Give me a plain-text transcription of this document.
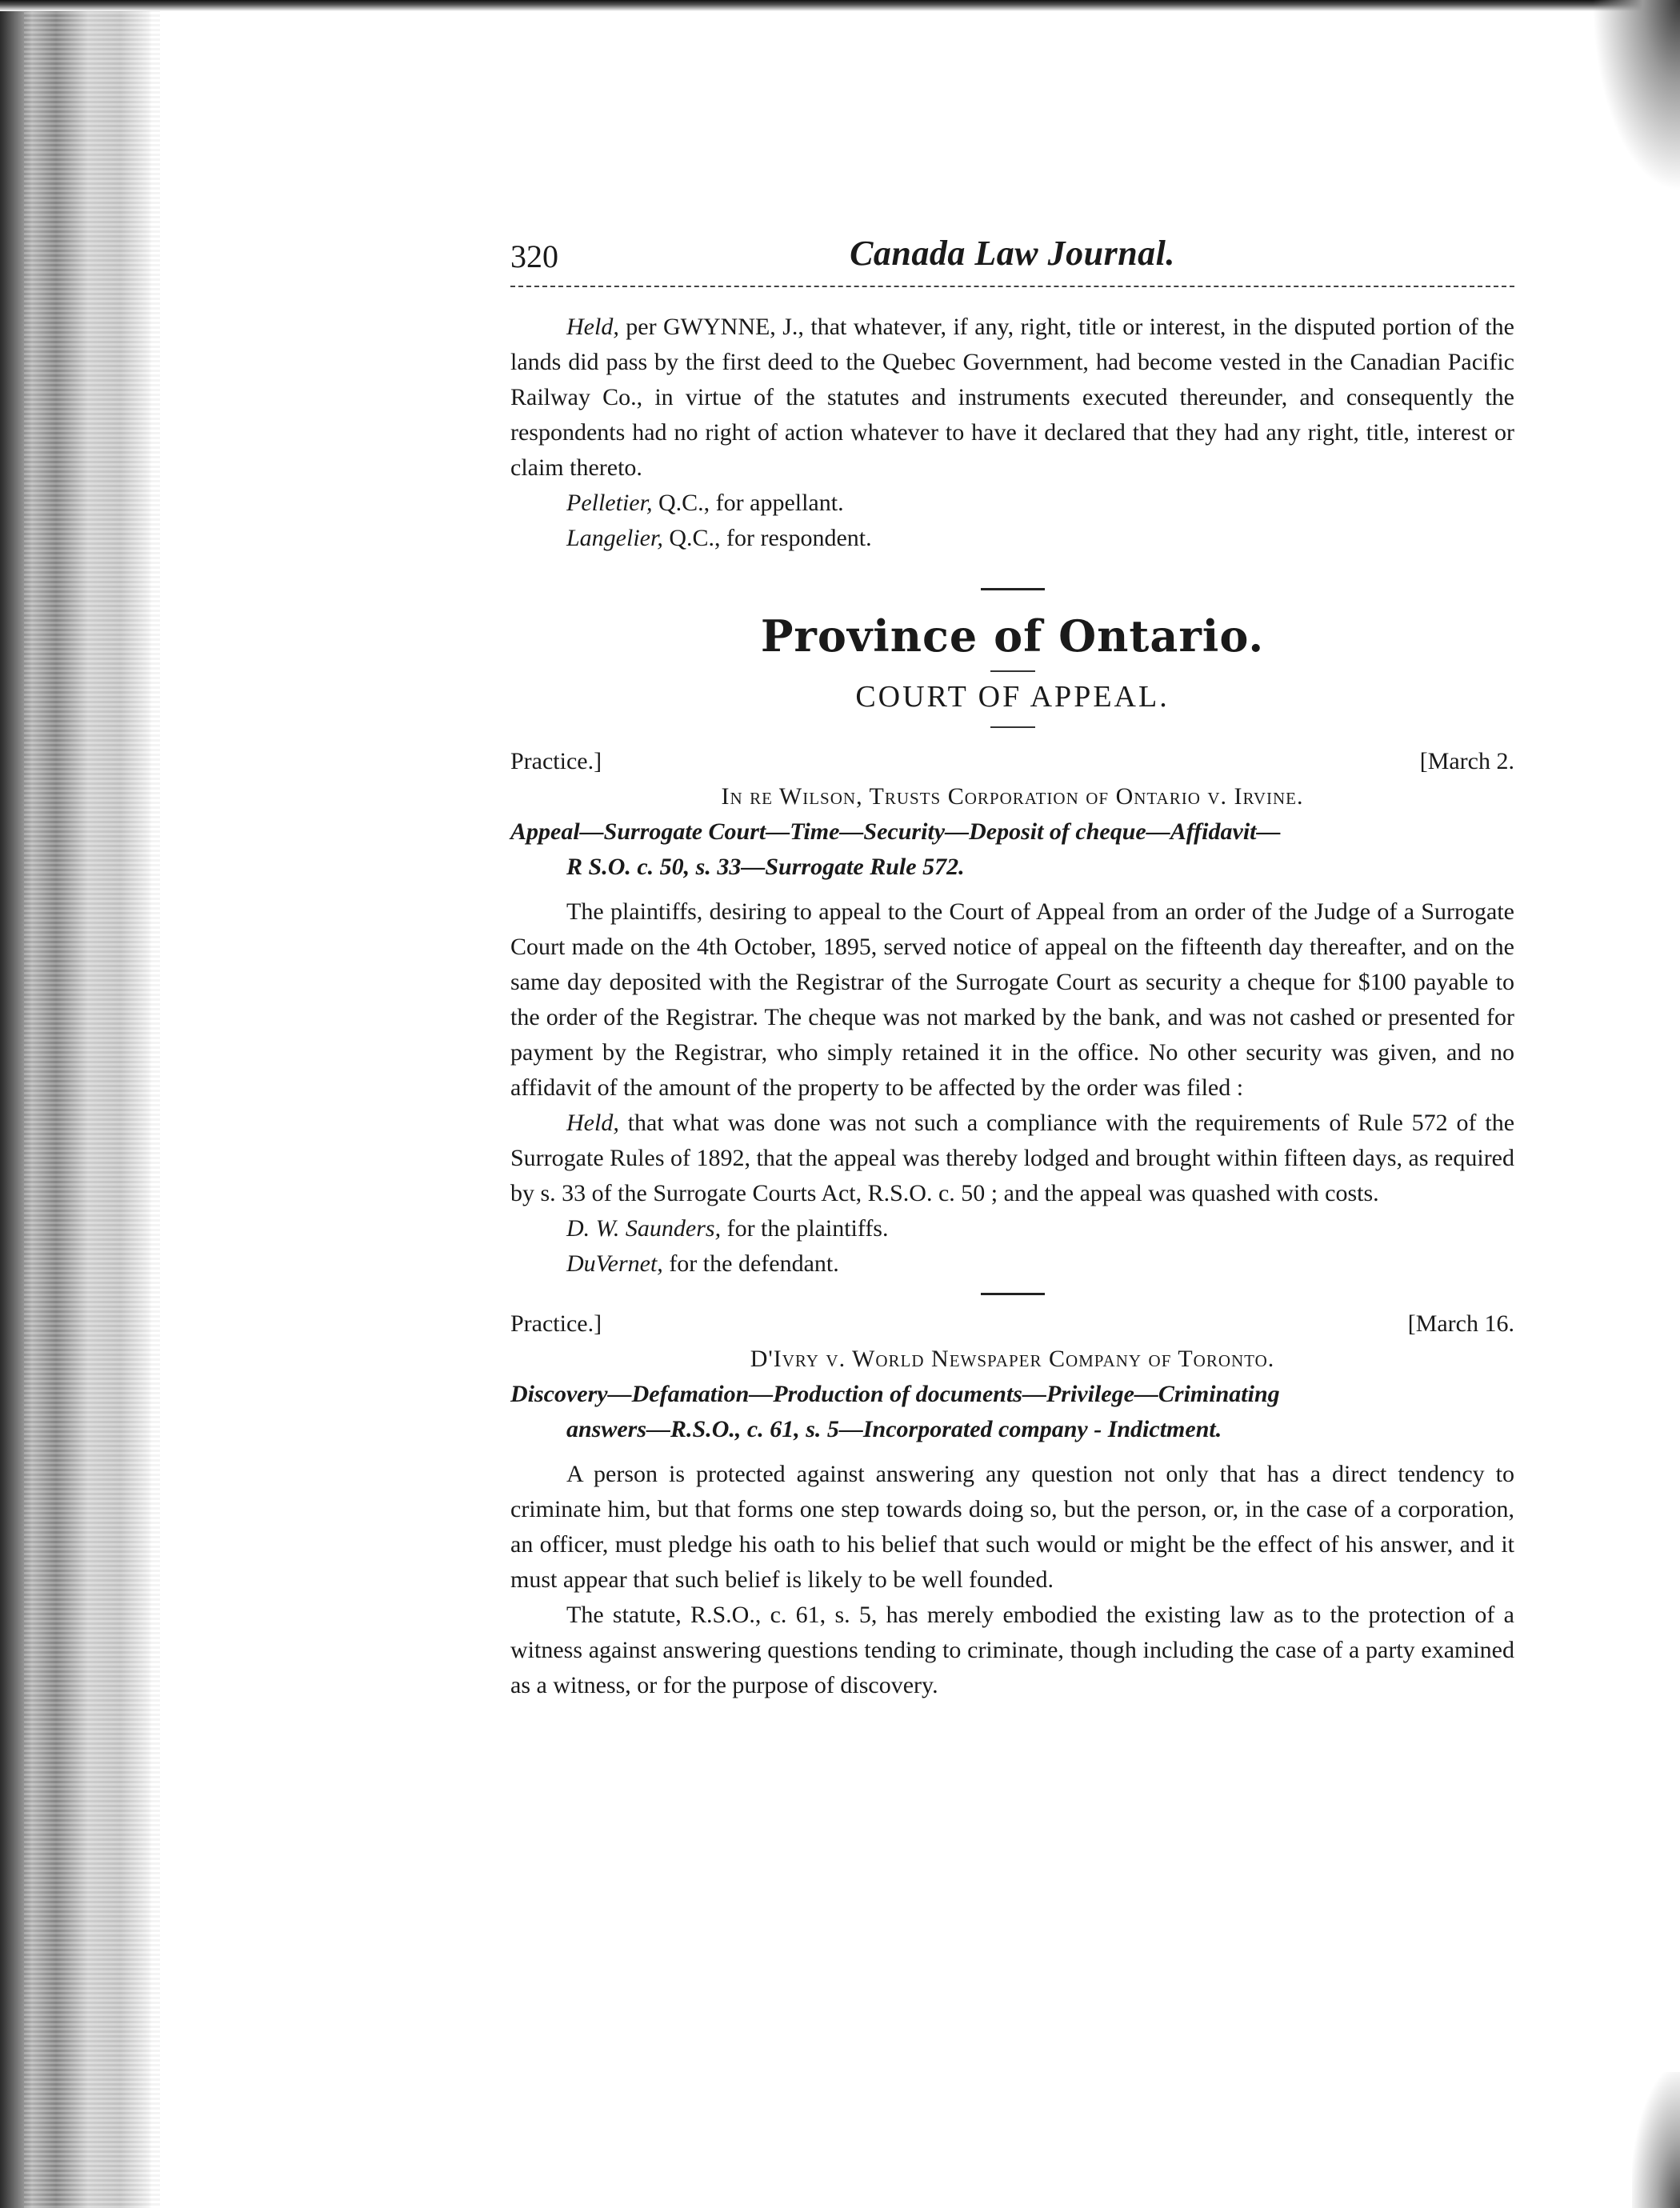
320	Canada Law Journal.

Held, per GWYNNE, J., that whatever, if any, right, title or interest, in the disputed portion of the lands did pass by the first deed to the Quebec Government, had become vested in the Canadian Pacific Railway Co., in virtue of the statutes and instruments executed thereunder, and consequently the respondents had no right of action whatever to have it declared that they had any right, title, interest or claim thereto.

Pelletier, Q.C., for appellant.

Langelier, Q.C., for respondent.

Province of Ontario.
COURT OF APPEAL.
Practice.]	[March 2.
In re Wilson, Trusts Corporation of Ontario v. Irvine.

Appeal—Surrogate Court—Time—Security—Deposit of cheque—Affidavit—

R S.O. c. 50, s. 33—Surrogate Rule 572.

The plaintiffs, desiring to appeal to the Court of Appeal from an order of the Judge of a Surrogate Court made on the 4th October, 1895, served notice of appeal on the fifteenth day thereafter, and on the same day deposited with the Registrar of the Surrogate Court as security a cheque for $100 payable to the order of the Registrar. The cheque was not marked by the bank, and was not cashed or presented for payment by the Registrar, who simply retained it in the office. No other security was given, and no affidavit of the amount of the property to be affected by the order was filed :

Held, that what was done was not such a compliance with the requirements of Rule 572 of the Surrogate Rules of 1892, that the appeal was thereby lodged and brought within fifteen days, as required by s. 33 of the Surrogate Courts Act, R.S.O. c. 50 ; and the appeal was quashed with costs.

D. W. Saunders, for the plaintiffs.

DuVernet, for the defendant.

Practice.]	[March 16.
D'Ivry v. World Newspaper Company of Toronto.

Discovery—Defamation—Production of documents—Privilege—Criminating

answers—R.S.O., c. 61, s. 5—Incorporated company - Indictment.

A person is protected against answering any question not only that has a direct tendency to criminate him, but that forms one step towards doing so, but the person, or, in the case of a corporation, an officer, must pledge his oath to his belief that such would or might be the effect of his answer, and it must appear that such belief is likely to be well founded.

The statute, R.S.O., c. 61, s. 5, has merely embodied the existing law as to the protection of a witness against answering questions tending to criminate, though including the case of a party examined as a witness, or for the purpose of discovery.
